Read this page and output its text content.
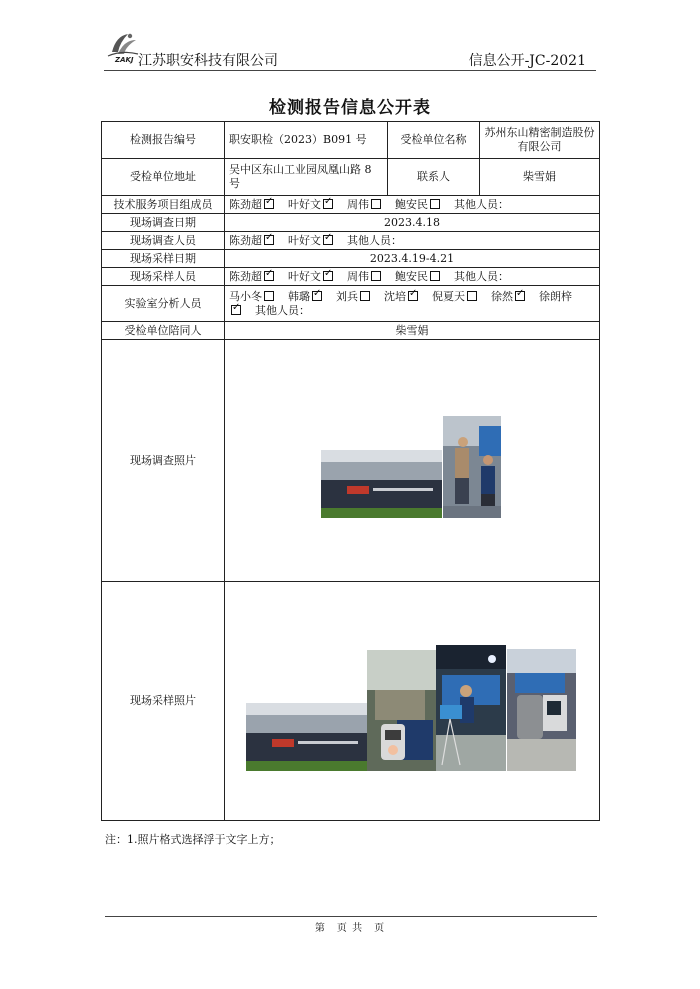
ZAKJ 江苏职安科技有限公司	信息公开-JC-2021
检测报告信息公开表
检测报告编号	职安职检（2023）B091 号	受检单位名称	苏州东山精密制造股份有限公司
受检单位地址	吴中区东山工业园凤凰山路 8 号	联系人	柴雪娟
技术服务项目组成员	陈劲超 ✓ 叶好文 ✓ 周伟 鲍安民 其他人员：
现场调查日期	2023.4.18		
现场调查人员	陈劲超 ✓ 叶好文 ✓ 其他人员：
现场采样日期	2023.4.19-4.21		
现场采样人员	陈劲超 ✓ 叶好文 ✓ 周伟 鲍安民 其他人员：
实验室分析人员	马小冬 韩璐 ✓ 刘兵 沈培 ✓ 倪夏天 徐然 ✓ 徐朗梓✓其他人员：
受检单位陪同人	柴雪娟		
现场调查照片			
现场采样照片			
注：1.照片格式选择浮于文字上方；
第　页 共　页
